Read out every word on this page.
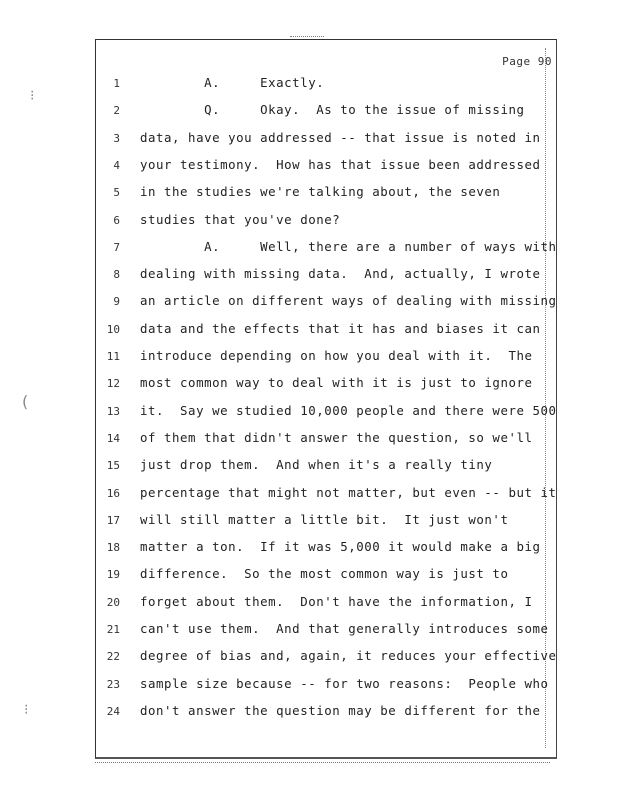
⁝
(
⁝
Page 90
1 A.     Exactly.
2 Q.     Okay.  As to the issue of missing
3 data, have you addressed -- that issue is noted in
4 your testimony.  How has that issue been addressed
5 in the studies we're talking about, the seven
6 studies that you've done?
7 A.     Well, there are a number of ways with
8 dealing with missing data.  And, actually, I wrote
9 an article on different ways of dealing with missing
10 data and the effects that it has and biases it can
11 introduce depending on how you deal with it.  The
12 most common way to deal with it is just to ignore
13 it.  Say we studied 10,000 people and there were 500
14 of them that didn't answer the question, so we'll
15 just drop them.  And when it's a really tiny
16 percentage that might not matter, but even -- but it
17 will still matter a little bit.  It just won't
18 matter a ton.  If it was 5,000 it would make a big
19 difference.  So the most common way is just to
20 forget about them.  Don't have the information, I
21 can't use them.  And that generally introduces some
22 degree of bias and, again, it reduces your effective
23 sample size because -- for two reasons:  People who
24 don't answer the question may be different for the
